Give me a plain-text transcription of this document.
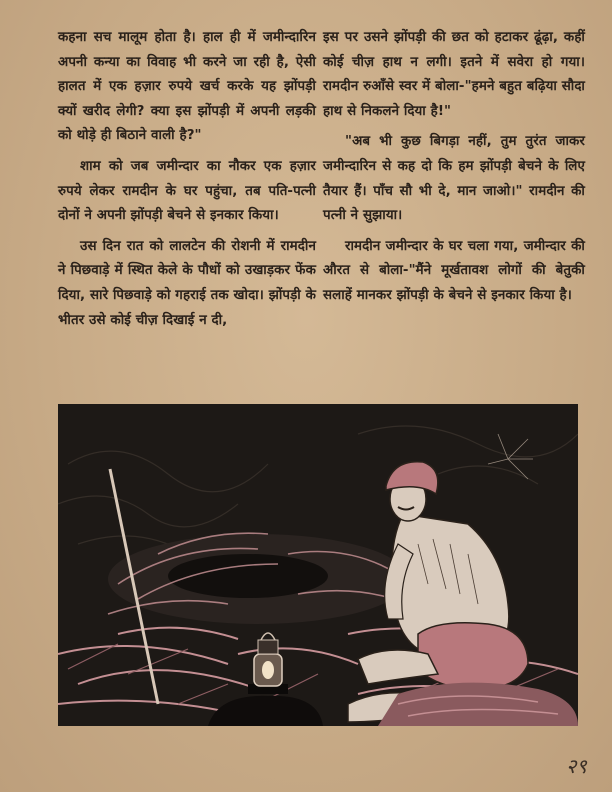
कहना सच मालूम होता है। हाल ही में जमीन्दारिन अपनी कन्या का विवाह भी करने जा रही है, ऐसी हालत में एक हज़ार रुपये खर्च करके यह झोंपड़ी क्यों खरीद लेगी? क्या इस झोंपड़ी में अपनी लड़की को थोड़े ही बिठाने वाली है?"

शाम को जब जमीन्दार का नौकर एक हज़ार रुपये लेकर रामदीन के घर पहुंचा, तब पति-पत्नी दोनों ने अपनी झोंपड़ी बेचने से इनकार किया।

उस दिन रात को लालटेन की रोशनी में रामदीन ने पिछवाड़े में स्थित केले के पौधों को उखाड़कर फेंक दिया, सारे पिछवाड़े को गहराई तक खोदा। झोंपड़ी के भीतर उसे कोई चीज़ दिखाई न दी,

इस पर उसने झोंपड़ी की छत को हटाकर ढूंढ़ा, कहीं कोई चीज़ हाथ न लगी। इतने में सवेरा हो गया। रामदीन रुआँसे स्वर में बोला-"हमने बहुत बढ़िया सौदा हाथ से निकलने दिया है!"

"अब भी कुछ बिगड़ा नहीं, तुम तुरंत जाकर जमीन्दारिन से कह दो कि हम झोंपड़ी बेचने के लिए तैयार हैं। पाँच सौ भी दे, मान जाओ।" रामदीन की पत्नी ने सुझाया।

रामदीन जमीन्दार के घर चला गया, जमीन्दार की औरत से बोला-"मैंने मूर्खतावश लोगों की बेतुकी सलाहें मानकर झोंपड़ी के बेचने से इनकार किया है।

२९
